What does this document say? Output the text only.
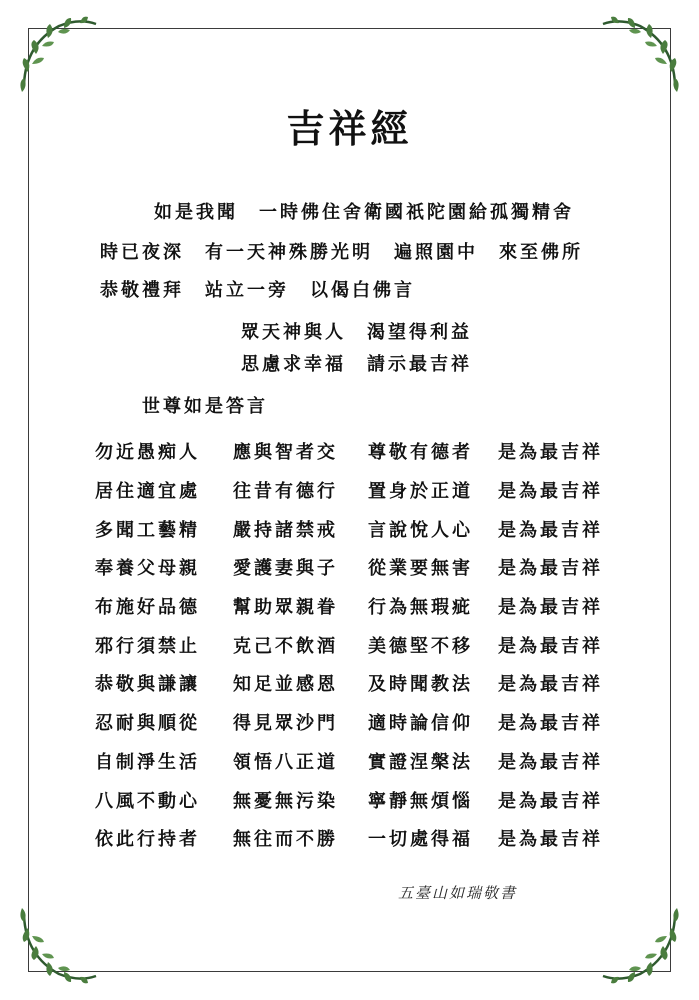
吉祥經
如是我聞　一時佛住舍衛國祇陀園給孤獨精舍
時已夜深　有一天神殊勝光明　遍照園中　來至佛所
恭敬禮拜　站立一旁　以偈白佛言
眾天神與人　渴望得利益
思慮求幸福　請示最吉祥
世尊如是答言
勿近愚痴人	應與智者交	尊敬有德者	是為最吉祥
居住適宜處	往昔有德行	置身於正道	是為最吉祥
多聞工藝精	嚴持諸禁戒	言說悅人心	是為最吉祥
奉養父母親	愛護妻與子	從業要無害	是為最吉祥
布施好品德	幫助眾親眷	行為無瑕疵	是為最吉祥
邪行須禁止	克己不飲酒	美德堅不移	是為最吉祥
恭敬與謙讓	知足並感恩	及時聞教法	是為最吉祥
忍耐與順從	得見眾沙門	適時論信仰	是為最吉祥
自制淨生活	領悟八正道	實證涅槃法	是為最吉祥
八風不動心	無憂無污染	寧靜無煩惱	是為最吉祥
依此行持者	無往而不勝	一切處得福	是為最吉祥
五臺山如瑞敬書
